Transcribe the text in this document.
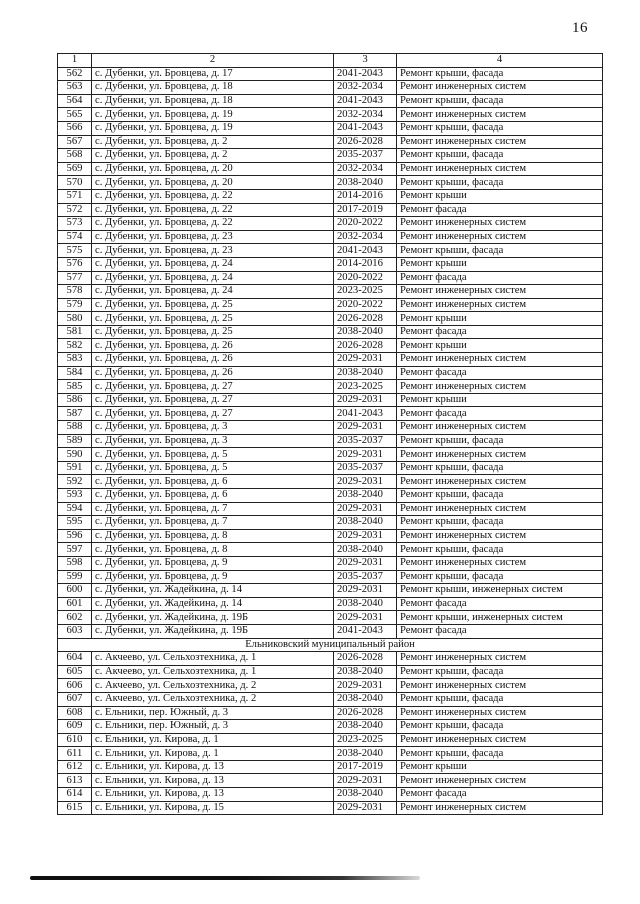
16
1	2	3	4
562	с. Дубенки, ул. Бровцева, д. 17	2041-2043	Ремонт крыши, фасада
563	с. Дубенки, ул. Бровцева, д. 18	2032-2034	Ремонт инженерных систем
564	с. Дубенки, ул. Бровцева, д. 18	2041-2043	Ремонт крыши, фасада
565	с. Дубенки, ул. Бровцева, д. 19	2032-2034	Ремонт инженерных систем
566	с. Дубенки, ул. Бровцева, д. 19	2041-2043	Ремонт крыши, фасада
567	с. Дубенки, ул. Бровцева, д. 2	2026-2028	Ремонт инженерных систем
568	с. Дубенки, ул. Бровцева, д. 2	2035-2037	Ремонт крыши, фасада
569	с. Дубенки, ул. Бровцева, д. 20	2032-2034	Ремонт инженерных систем
570	с. Дубенки, ул. Бровцева, д. 20	2038-2040	Ремонт крыши, фасада
571	с. Дубенки, ул. Бровцева, д. 22	2014-2016	Ремонт крыши
572	с. Дубенки, ул. Бровцева, д. 22	2017-2019	Ремонт фасада
573	с. Дубенки, ул. Бровцева, д. 22	2020-2022	Ремонт инженерных систем
574	с. Дубенки, ул. Бровцева, д. 23	2032-2034	Ремонт инженерных систем
575	с. Дубенки, ул. Бровцева, д. 23	2041-2043	Ремонт крыши, фасада
576	с. Дубенки, ул. Бровцева, д. 24	2014-2016	Ремонт крыши
577	с. Дубенки, ул. Бровцева, д. 24	2020-2022	Ремонт фасада
578	с. Дубенки, ул. Бровцева, д. 24	2023-2025	Ремонт инженерных систем
579	с. Дубенки, ул. Бровцева, д. 25	2020-2022	Ремонт инженерных систем
580	с. Дубенки, ул. Бровцева, д. 25	2026-2028	Ремонт крыши
581	с. Дубенки, ул. Бровцева, д. 25	2038-2040	Ремонт фасада
582	с. Дубенки, ул. Бровцева, д. 26	2026-2028	Ремонт крыши
583	с. Дубенки, ул. Бровцева, д. 26	2029-2031	Ремонт инженерных систем
584	с. Дубенки, ул. Бровцева, д. 26	2038-2040	Ремонт фасада
585	с. Дубенки, ул. Бровцева, д. 27	2023-2025	Ремонт инженерных систем
586	с. Дубенки, ул. Бровцева, д. 27	2029-2031	Ремонт крыши
587	с. Дубенки, ул. Бровцева, д. 27	2041-2043	Ремонт фасада
588	с. Дубенки, ул. Бровцева, д. 3	2029-2031	Ремонт инженерных систем
589	с. Дубенки, ул. Бровцева, д. 3	2035-2037	Ремонт крыши, фасада
590	с. Дубенки, ул. Бровцева, д. 5	2029-2031	Ремонт инженерных систем
591	с. Дубенки, ул. Бровцева, д. 5	2035-2037	Ремонт крыши, фасада
592	с. Дубенки, ул. Бровцева, д. 6	2029-2031	Ремонт инженерных систем
593	с. Дубенки, ул. Бровцева, д. 6	2038-2040	Ремонт крыши, фасада
594	с. Дубенки, ул. Бровцева, д. 7	2029-2031	Ремонт инженерных систем
595	с. Дубенки, ул. Бровцева, д. 7	2038-2040	Ремонт крыши, фасада
596	с. Дубенки, ул. Бровцева, д. 8	2029-2031	Ремонт инженерных систем
597	с. Дубенки, ул. Бровцева, д. 8	2038-2040	Ремонт крыши, фасада
598	с. Дубенки, ул. Бровцева, д. 9	2029-2031	Ремонт инженерных систем
599	с. Дубенки, ул. Бровцева, д. 9	2035-2037	Ремонт крыши, фасада
600	с. Дубенки, ул. Жадейкина, д. 14	2029-2031	Ремонт крыши, инженерных систем
601	с. Дубенки, ул. Жадейкина, д. 14	2038-2040	Ремонт фасада
602	с. Дубенки, ул. Жадейкина, д. 19Б	2029-2031	Ремонт крыши, инженерных систем
603	с. Дубенки, ул. Жадейкина, д. 19Б	2041-2043	Ремонт фасада
Ельниковский муниципальный район			
604	с. Акчеево, ул. Сельхозтехника, д. 1	2026-2028	Ремонт инженерных систем
605	с. Акчеево, ул. Сельхозтехника, д. 1	2038-2040	Ремонт крыши, фасада
606	с. Акчеево, ул. Сельхозтехника, д. 2	2029-2031	Ремонт инженерных систем
607	с. Акчеево, ул. Сельхозтехника, д. 2	2038-2040	Ремонт крыши, фасада
608	с. Ельники, пер. Южный, д. 3	2026-2028	Ремонт инженерных систем
609	с. Ельники, пер. Южный, д. 3	2038-2040	Ремонт крыши, фасада
610	с. Ельники, ул. Кирова, д. 1	2023-2025	Ремонт инженерных систем
611	с. Ельники, ул. Кирова, д. 1	2038-2040	Ремонт крыши, фасада
612	с. Ельники, ул. Кирова, д. 13	2017-2019	Ремонт крыши
613	с. Ельники, ул. Кирова, д. 13	2029-2031	Ремонт инженерных систем
614	с. Ельники, ул. Кирова, д. 13	2038-2040	Ремонт фасада
615	с. Ельники, ул. Кирова, д. 15	2029-2031	Ремонт инженерных систем
